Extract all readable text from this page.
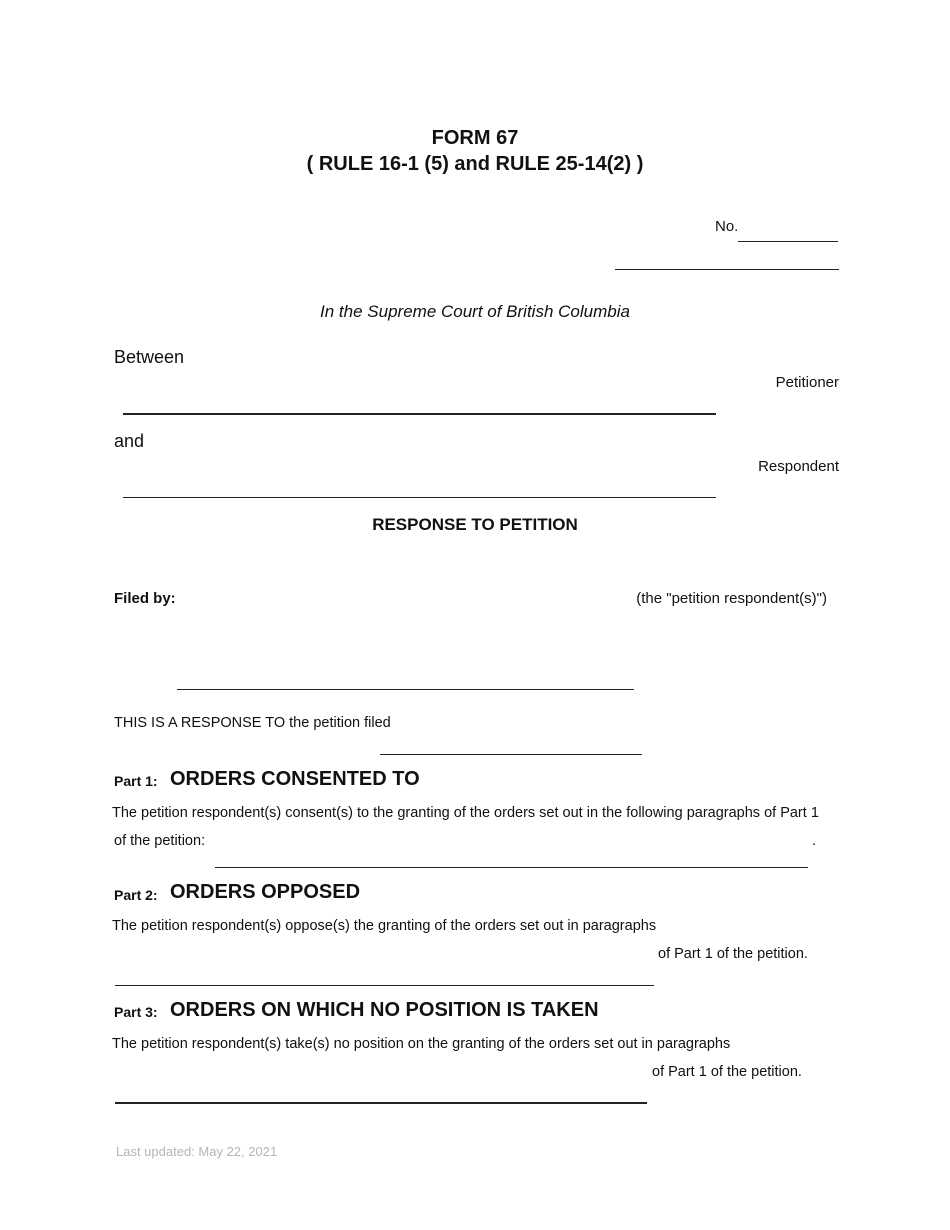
FORM 67
( RULE 16-1 (5) and RULE 25-14(2) )
No.
In the Supreme Court of British Columbia
Between
Petitioner
and
Respondent
RESPONSE TO PETITION
Filed by:	(the "petition respondent(s)")
THIS IS A RESPONSE TO the petition filed
Part 1: ORDERS CONSENTED TO
The petition respondent(s) consent(s) to the granting of the orders set out in the following paragraphs of Part 1
of the petition:	.
Part 2: ORDERS OPPOSED
The petition respondent(s) oppose(s) the granting of the orders set out in paragraphs
of Part 1 of the petition.
Part 3: ORDERS ON WHICH NO POSITION IS TAKEN
The petition respondent(s) take(s) no position on the granting of the orders set out in paragraphs
of Part 1 of the petition.
Last updated: May 22, 2021
